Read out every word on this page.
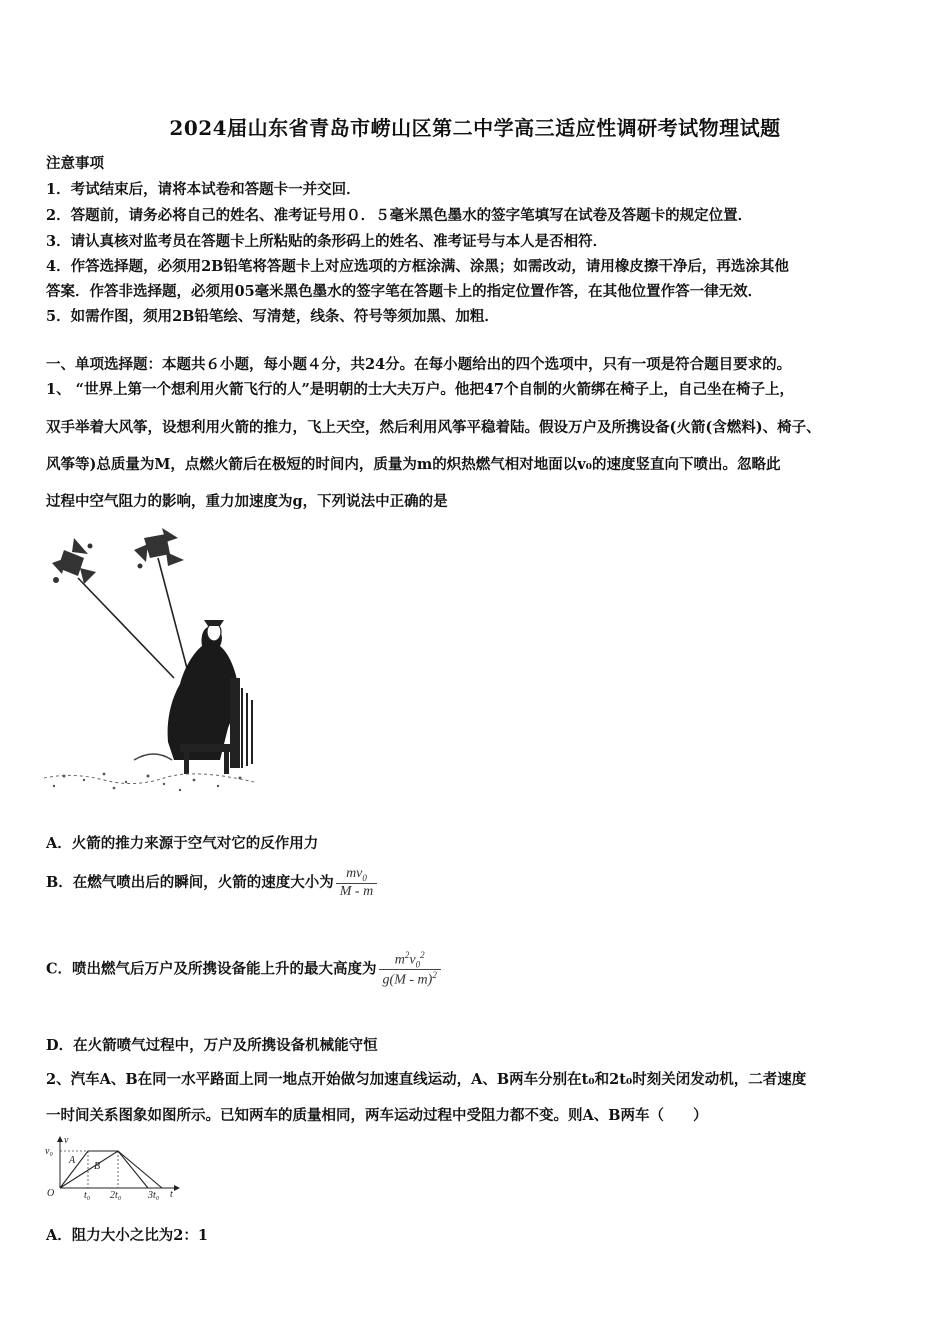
2024届山东省青岛市崂山区第二中学高三适应性调研考试物理试题
注意事项
1．考试结束后，请将本试卷和答题卡一并交回．
2．答题前，请务必将自己的姓名、准考证号用０．５毫米黑色墨水的签字笔填写在试卷及答题卡的规定位置．
3．请认真核对监考员在答题卡上所粘贴的条形码上的姓名、准考证号与本人是否相符．
4．作答选择题，必须用2B铅笔将答题卡上对应选项的方框涂满、涂黑；如需改动，请用橡皮擦干净后，再选涂其他
答案．作答非选择题，必须用05毫米黑色墨水的签字笔在答题卡上的指定位置作答，在其他位置作答一律无效．
5．如需作图，须用2B铅笔绘、写清楚，线条、符号等须加黑、加粗．
一、单项选择题：本题共６小题，每小题４分，共24分。在每小题给出的四个选项中，只有一项是符合题目要求的。
1、 “世界上第一个想利用火箭飞行的人”是明朝的士大夫万户。他把47个自制的火箭绑在椅子上，自己坐在椅子上，
双手举着大风筝，设想利用火箭的推力，飞上天空，然后利用风筝平稳着陆。假设万户及所携设备(火箭(含燃料)、椅子、
风筝等)总质量为M，点燃火箭后在极短的时间内，质量为m的炽热燃气相对地面以v₀的速度竖直向下喷出。忽略此
过程中空气阻力的影响，重力加速度为g，下列说法中正确的是
A．火箭的推力来源于空气对它的反作用力
B．在燃气喷出后的瞬间，火箭的速度大小为 $\frac{mv_0}{M - m}$
C．喷出燃气后万户及所携设备能上升的最大高度为 $\frac{m^2v_0^2}{g(M - m)^2}$
D．在火箭喷气过程中，万户及所携设备机械能守恒
2、汽车A、B在同一水平路面上同一地点开始做匀加速直线运动，A、B两车分别在t₀和2t₀时刻关闭发动机，二者速度
一时间关系图象如图所示。已知两车的质量相同，两车运动过程中受阻力都不变。则A、B两车（　　）
v
t
O
v₀
A
B
t₀ 2t₀	3t₀
A．阻力大小之比为2：1
